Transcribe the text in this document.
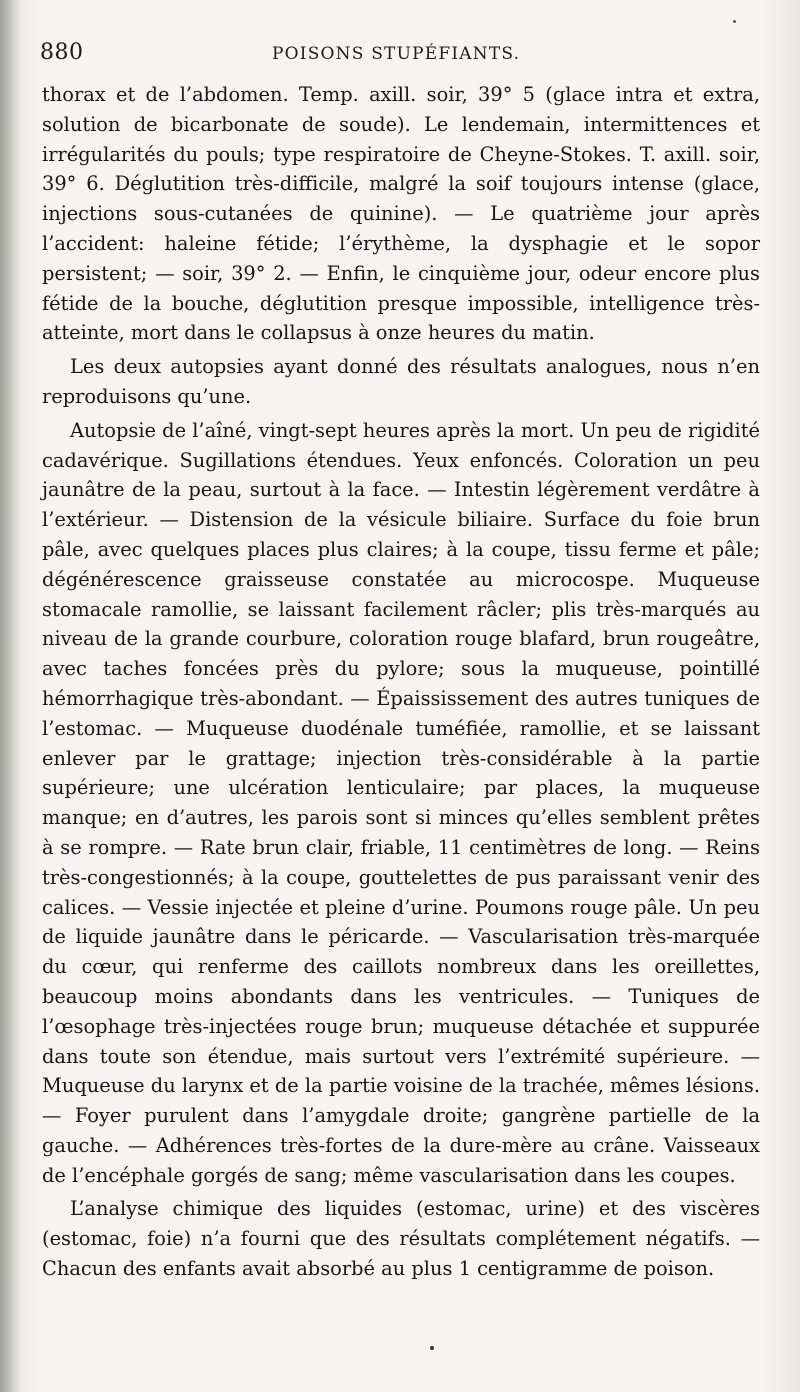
880	POISONS STUPÉFIANTS.

thorax et de l’abdomen. Temp. axill. soir, 39° 5 (glace intra et extra, solution de bicarbonate de soude). Le lendemain, intermittences et irrégularités du pouls; type respiratoire de Cheyne-Stokes. T. axill. soir, 39° 6. Déglutition très-difficile, malgré la soif toujours intense (glace, injections sous-cutanées de quinine). — Le quatrième jour après l’accident: haleine fétide; l’érythème, la dysphagie et le sopor persistent; — soir, 39° 2. — Enfin, le cinquième jour, odeur encore plus fétide de la bouche, déglutition presque impossible, intelligence très-atteinte, mort dans le collapsus à onze heures du matin.

Les deux autopsies ayant donné des résultats analogues, nous n’en reproduisons qu’une.

Autopsie de l’aîné, vingt-sept heures après la mort. Un peu de rigidité cadavérique. Sugillations étendues. Yeux enfoncés. Coloration un peu jaunâtre de la peau, surtout à la face. — Intestin légèrement verdâtre à l’extérieur. — Distension de la vésicule biliaire. Surface du foie brun pâle, avec quelques places plus claires; à la coupe, tissu ferme et pâle; dégénérescence graisseuse constatée au microcospe. Muqueuse stomacale ramollie, se laissant facilement râcler; plis très-marqués au niveau de la grande courbure, coloration rouge blafard, brun rougeâtre, avec taches foncées près du pylore; sous la muqueuse, pointillé hémorrhagique très-abondant. — Épaississement des autres tuniques de l’estomac. — Muqueuse duodénale tuméfiée, ramollie, et se laissant enlever par le grattage; injection très-considérable à la partie supérieure; une ulcération lenticulaire; par places, la muqueuse manque; en d’autres, les parois sont si minces qu’elles semblent prêtes à se rompre. — Rate brun clair, friable, 11 centimètres de long. — Reins très-congestionnés; à la coupe, gouttelettes de pus paraissant venir des calices. — Vessie injectée et pleine d’urine. Poumons rouge pâle. Un peu de liquide jaunâtre dans le péricarde. — Vascularisation très-marquée du cœur, qui renferme des caillots nombreux dans les oreillettes, beaucoup moins abondants dans les ventricules. — Tuniques de l’œsophage très-injectées rouge brun; muqueuse détachée et suppurée dans toute son étendue, mais surtout vers l’extrémité supérieure. — Muqueuse du larynx et de la partie voisine de la trachée, mêmes lésions. — Foyer purulent dans l’amygdale droite; gangrène partielle de la gauche. — Adhérences très-fortes de la dure-mère au crâne. Vaisseaux de l’encéphale gorgés de sang; même vascularisation dans les coupes.

L’analyse chimique des liquides (estomac, urine) et des viscères (estomac, foie) n’a fourni que des résultats complétement négatifs. — Chacun des enfants avait absorbé au plus 1 centigramme de poison.
